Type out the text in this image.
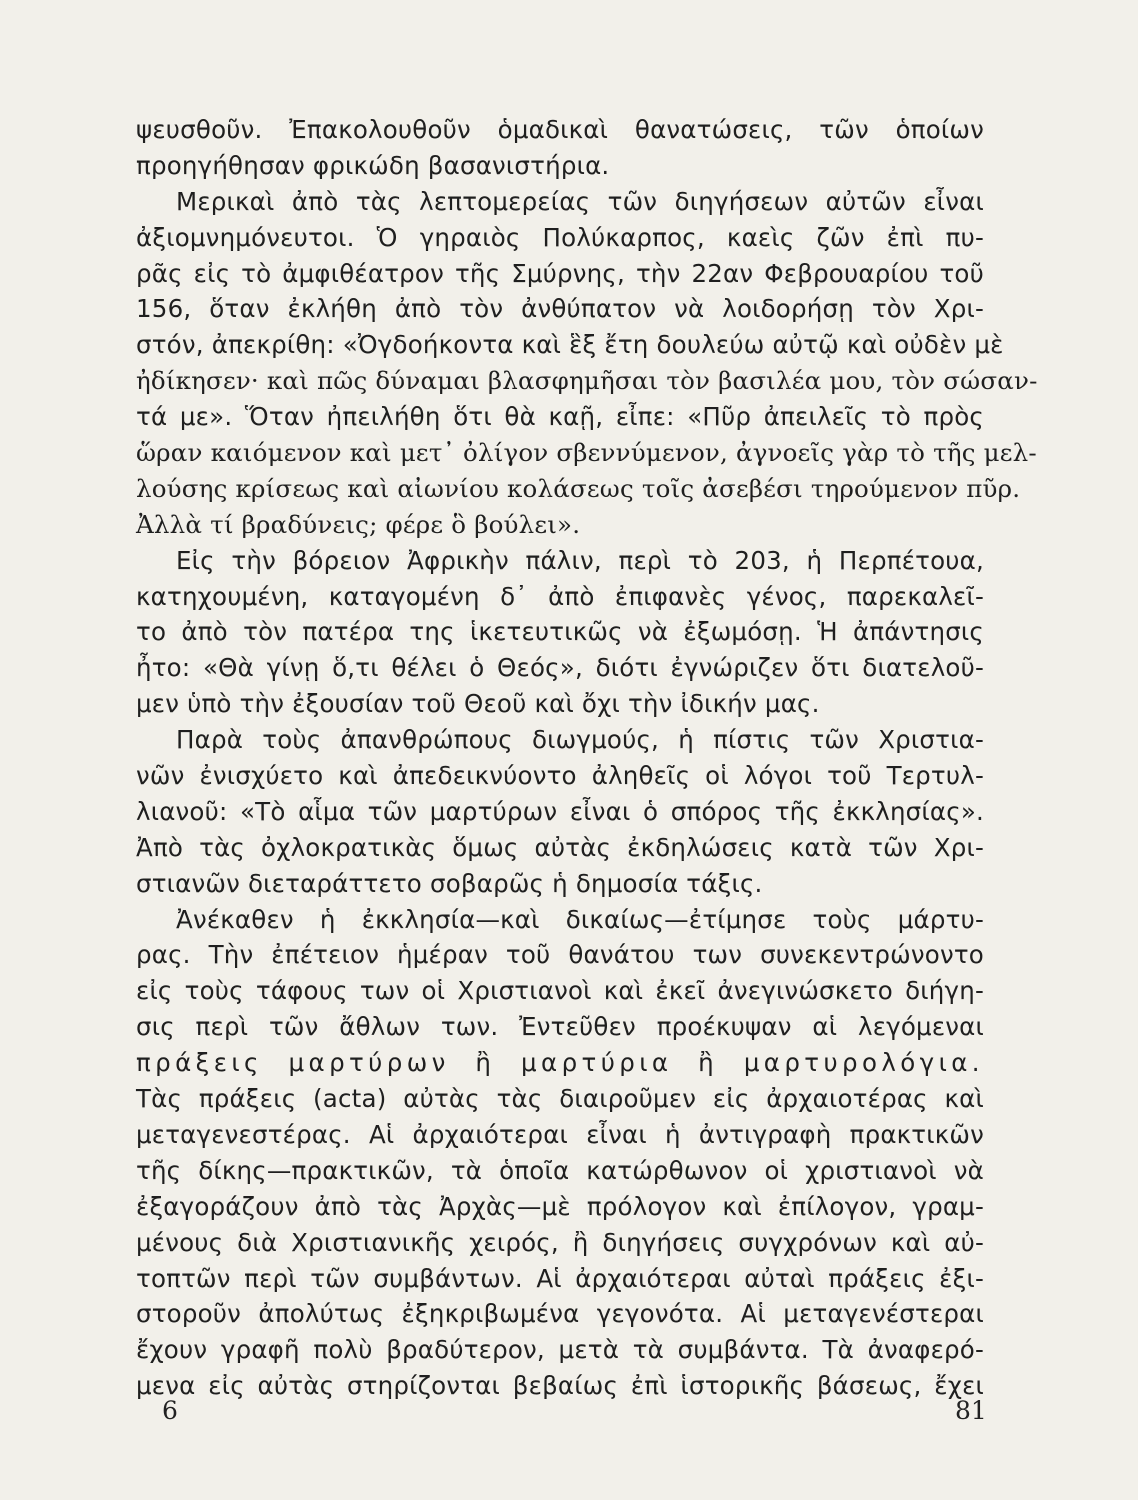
ψευσθοῦν. Ἐπακολουθοῦν ὁμαδικαὶ θανατώσεις, τῶν ὁποίων
προηγήθησαν φρικώδη βασανιστήρια.
Μερικαὶ ἀπὸ τὰς λεπτομερείας τῶν διηγήσεων αὐτῶν εἶναι
ἀξιομνημόνευτοι. Ὁ γηραιὸς Πολύκαρπος, καεὶς ζῶν ἐπὶ πυ-
ρᾶς εἰς τὸ ἀμφιθέατρον τῆς Σμύρνης, τὴν 22αν Φεβρουαρίου τοῦ
156, ὅταν ἐκλήθη ἀπὸ τὸν ἀνθύπατον νὰ λοιδορήσῃ τὸν Χρι-
στόν, ἀπεκρίθη: «Ὀγδοήκοντα καὶ ἓξ ἔτη δουλεύω αὐτῷ καὶ οὐδὲν μὲ
ἠδίκησεν· καὶ πῶς δύναμαι βλασφημῆσαι τὸν βασιλέα μου, τὸν σώσαν-
τά με». Ὅταν ἠπειλήθη ὅτι θὰ καῇ, εἶπε: «Πῦρ ἀπειλεῖς τὸ πρὸς
ὥραν καιόμενον καὶ μετ᾽ ὀλίγον σβεννύμενον, ἀγνοεῖς γὰρ τὸ τῆς μελ-
λούσης κρίσεως καὶ αἰωνίου κολάσεως τοῖς ἀσεβέσι τηρούμενον πῦρ.
Ἀλλὰ τί βραδύνεις; φέρε ὃ βούλει».
Εἰς τὴν βόρειον Ἀφρικὴν πάλιν, περὶ τὸ 203, ἡ Περπέτουα,
κατηχουμένη, καταγομένη δ᾽ ἀπὸ ἐπιφανὲς γένος, παρεκαλεῖ-
το ἀπὸ τὸν πατέρα της ἱκετευτικῶς νὰ ἐξωμόσῃ. Ἡ ἀπάντησις
ἦτο: «Θὰ γίνῃ ὅ,τι θέλει ὁ Θεός», διότι ἐγνώριζεν ὅτι διατελοῦ-
μεν ὑπὸ τὴν ἐξουσίαν τοῦ Θεοῦ καὶ ὄχι τὴν ἰδικήν μας.
Παρὰ τοὺς ἀπανθρώπους διωγμούς, ἡ πίστις τῶν Χριστια-
νῶν ἐνισχύετο καὶ ἀπεδεικνύοντο ἀληθεῖς οἱ λόγοι τοῦ Τερτυλ-
λιανοῦ: «Τὸ αἷμα τῶν μαρτύρων εἶναι ὁ σπόρος τῆς ἐκκλησίας».
Ἀπὸ τὰς ὀχλοκρατικὰς ὅμως αὐτὰς ἐκδηλώσεις κατὰ τῶν Χρι-
στιανῶν διεταράττετο σοβαρῶς ἡ δημοσία τάξις.
Ἀνέκαθεν ἡ ἐκκλησία—καὶ δικαίως—ἐτίμησε τοὺς μάρτυ-
ρας. Τὴν ἐπέτειον ἡμέραν τοῦ θανάτου των συνεκεντρώνοντο
εἰς τοὺς τάφους των οἱ Χριστιανοὶ καὶ ἐκεῖ ἀνεγινώσκετο διήγη-
σις περὶ τῶν ἄθλων των. Ἐντεῦθεν προέκυψαν αἱ λεγόμεναι
πράξεις μαρτύρων ἢ μαρτύρια ἢ μαρτυρολόγια.
Τὰς πράξεις (acta) αὐτὰς τὰς διαιροῦμεν εἰς ἀρχαιοτέρας καὶ
μεταγενεστέρας. Αἱ ἀρχαιότεραι εἶναι ἡ ἀντιγραφὴ πρακτικῶν
τῆς δίκης—πρακτικῶν, τὰ ὁποῖα κατώρθωνον οἱ χριστιανοὶ νὰ
ἐξαγοράζουν ἀπὸ τὰς Ἀρχὰς—μὲ πρόλογον καὶ ἐπίλογον, γραμ-
μένους διὰ Χριστιανικῆς χειρός, ἢ διηγήσεις συγχρόνων καὶ αὐ-
τοπτῶν περὶ τῶν συμβάντων. Αἱ ἀρχαιότεραι αὐταὶ πράξεις ἐξι-
στοροῦν ἀπολύτως ἐξηκριβωμένα γεγονότα. Αἱ μεταγενέστεραι
ἔχουν γραφῆ πολὺ βραδύτερον, μετὰ τὰ συμβάντα. Τὰ ἀναφερό-
μενα εἰς αὐτὰς στηρίζονται βεβαίως ἐπὶ ἱστορικῆς βάσεως, ἔχει
6	81
